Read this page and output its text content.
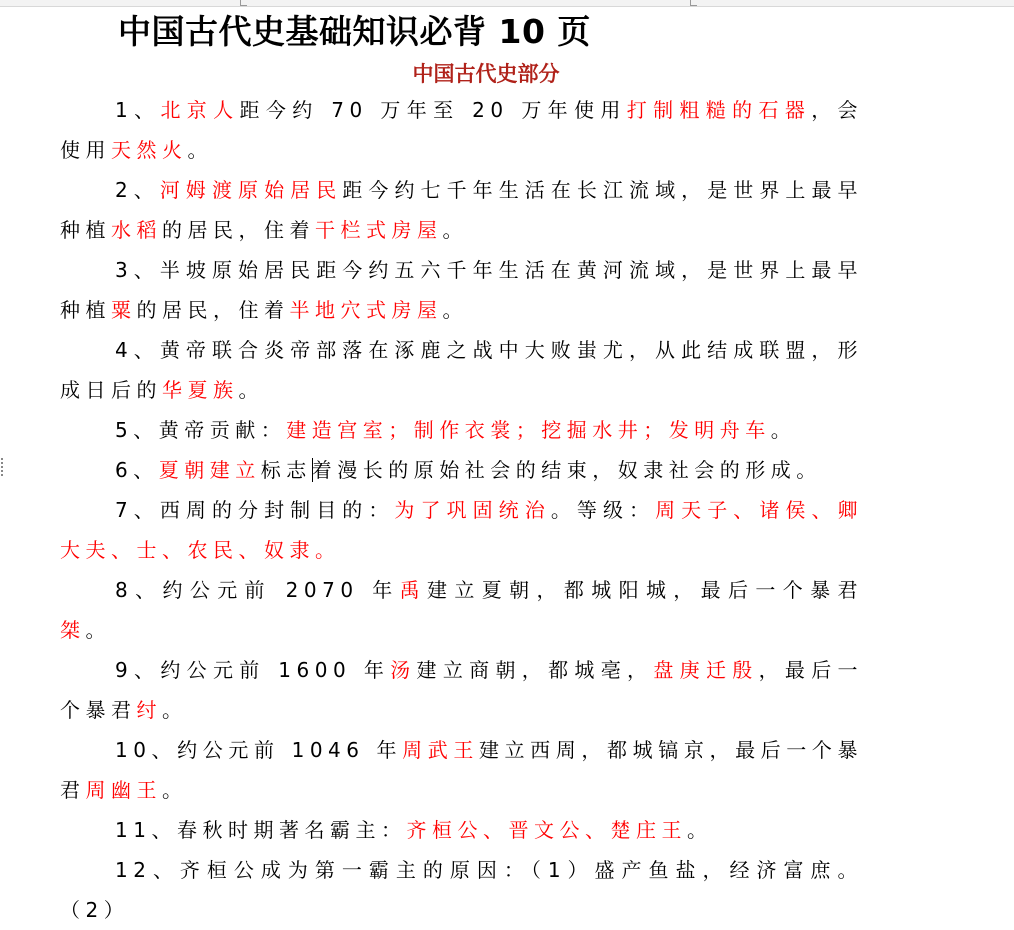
中国古代史基础知识必背 10 页
中国古代史部分

1、北京人距今约 70 万年至 20 万年使用打制粗糙的石器，会使用天然火。

2、河姆渡原始居民距今约七千年生活在长江流域，是世界上最早种植水稻的居民，住着干栏式房屋。

3、半坡原始居民距今约五六千年生活在黄河流域，是世界上最早种植粟的居民，住着半地穴式房屋。

4、黄帝联合炎帝部落在涿鹿之战中大败蚩尤，从此结成联盟，形成日后的华夏族。

5、黄帝贡献：建造宫室；制作衣裳；挖掘水井；发明舟车。

6、夏朝建立标志着漫长的原始社会的结束，奴隶社会的形成。

7、西周的分封制目的：为了巩固统治。等级：周天子、诸侯、卿大夫、士、农民、奴隶。

8、约公元前 2070 年禹建立夏朝，都城阳城，最后一个暴君桀。

9、约公元前 1600 年汤建立商朝，都城亳，盘庚迁殷，最后一个暴君纣。

10、约公元前 1046 年周武王建立西周，都城镐京，最后一个暴君周幽王。

11、春秋时期著名霸主：齐桓公、晋文公、楚庄王。

12、齐桓公成为第一霸主的原因：（1）盛产鱼盐，经济富庶。（2）
